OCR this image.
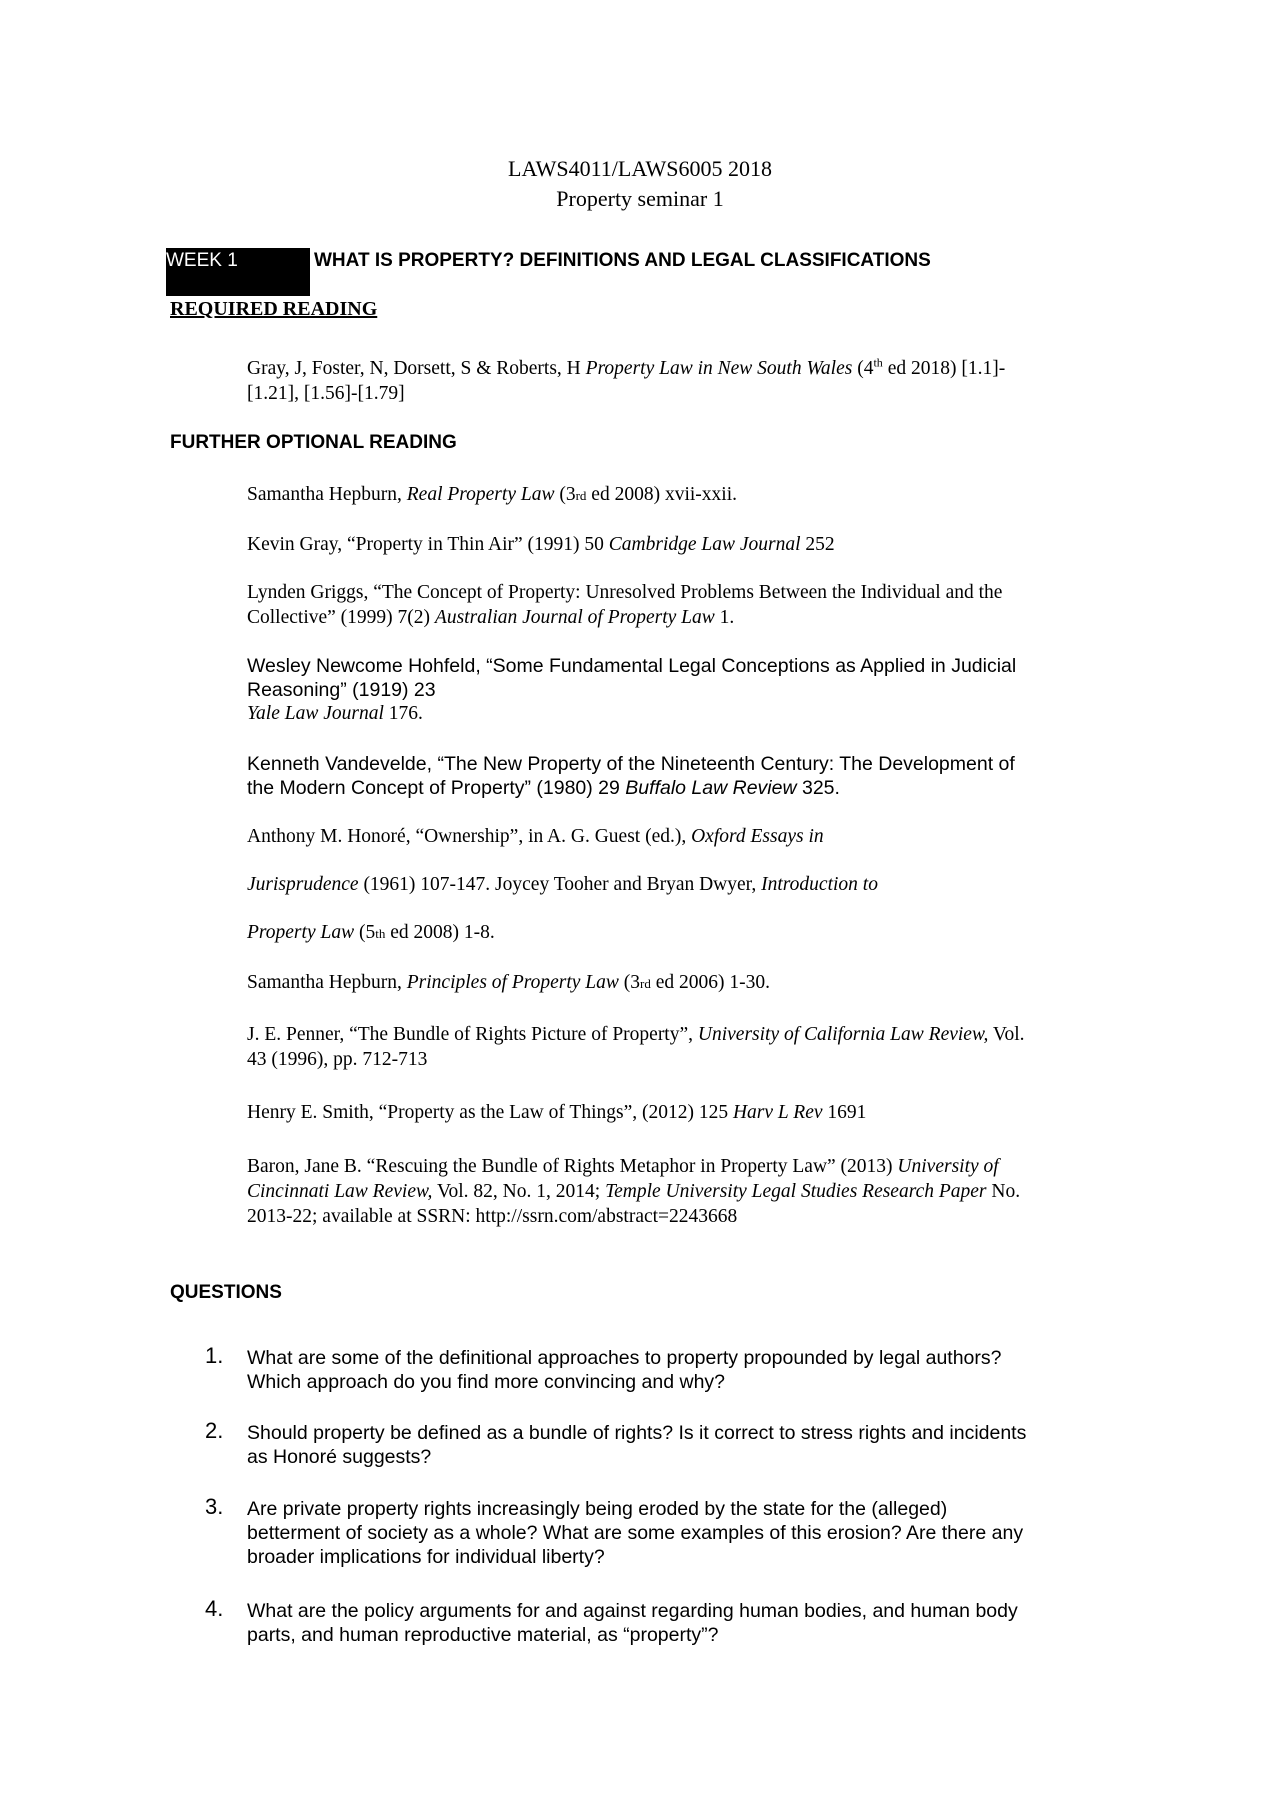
LAWS4011/LAWS6005 2018
Property seminar 1
WEEK 1	WHAT IS PROPERTY? DEFINITIONS AND LEGAL CLASSIFICATIONS
REQUIRED READING
Gray, J, Foster, N, Dorsett, S & Roberts, H Property Law in New South Wales (4th ed 2018) [1.1]-
[1.21], [1.56]-[1.79]
FURTHER OPTIONAL READING
Samantha Hepburn, Real Property Law (3rd ed 2008) xvii-xxii.
Kevin Gray, “Property in Thin Air” (1991) 50 Cambridge Law Journal 252
Lynden Griggs, “The Concept of Property: Unresolved Problems Between the Individual and the
Collective” (1999) 7(2) Australian Journal of Property Law 1.
Wesley Newcome Hohfeld, “Some Fundamental Legal Conceptions as Applied in Judicial
Reasoning” (1919) 23
Yale Law Journal 176.
Kenneth Vandevelde, “The New Property of the Nineteenth Century: The Development of
the Modern Concept of Property” (1980) 29 Buffalo Law Review 325.
Anthony M. Honoré, “Ownership”, in A. G. Guest (ed.), Oxford Essays in
Jurisprudence (1961) 107-147. Joycey Tooher and Bryan Dwyer, Introduction to
Property Law (5th ed 2008) 1-8.
Samantha Hepburn, Principles of Property Law (3rd ed 2006) 1-30.
J. E. Penner, “The Bundle of Rights Picture of Property”, University of California Law Review, Vol.
43 (1996), pp. 712-713
Henry E. Smith, “Property as the Law of Things”, (2012) 125 Harv L Rev 1691
Baron, Jane B. “Rescuing the Bundle of Rights Metaphor in Property Law” (2013) University of
Cincinnati Law Review, Vol. 82, No. 1, 2014; Temple University Legal Studies Research Paper No.
2013-22; available at SSRN: http://ssrn.com/abstract=2243668
QUESTIONS
1. What are some of the definitional approaches to property propounded by legal authors?
Which approach do you find more convincing and why?
2. Should property be defined as a bundle of rights? Is it correct to stress rights and incidents
as Honoré suggests?
3. Are private property rights increasingly being eroded by the state for the (alleged)
betterment of society as a whole? What are some examples of this erosion? Are there any
broader implications for individual liberty?
4. What are the policy arguments for and against regarding human bodies, and human body
parts, and human reproductive material, as “property”?
